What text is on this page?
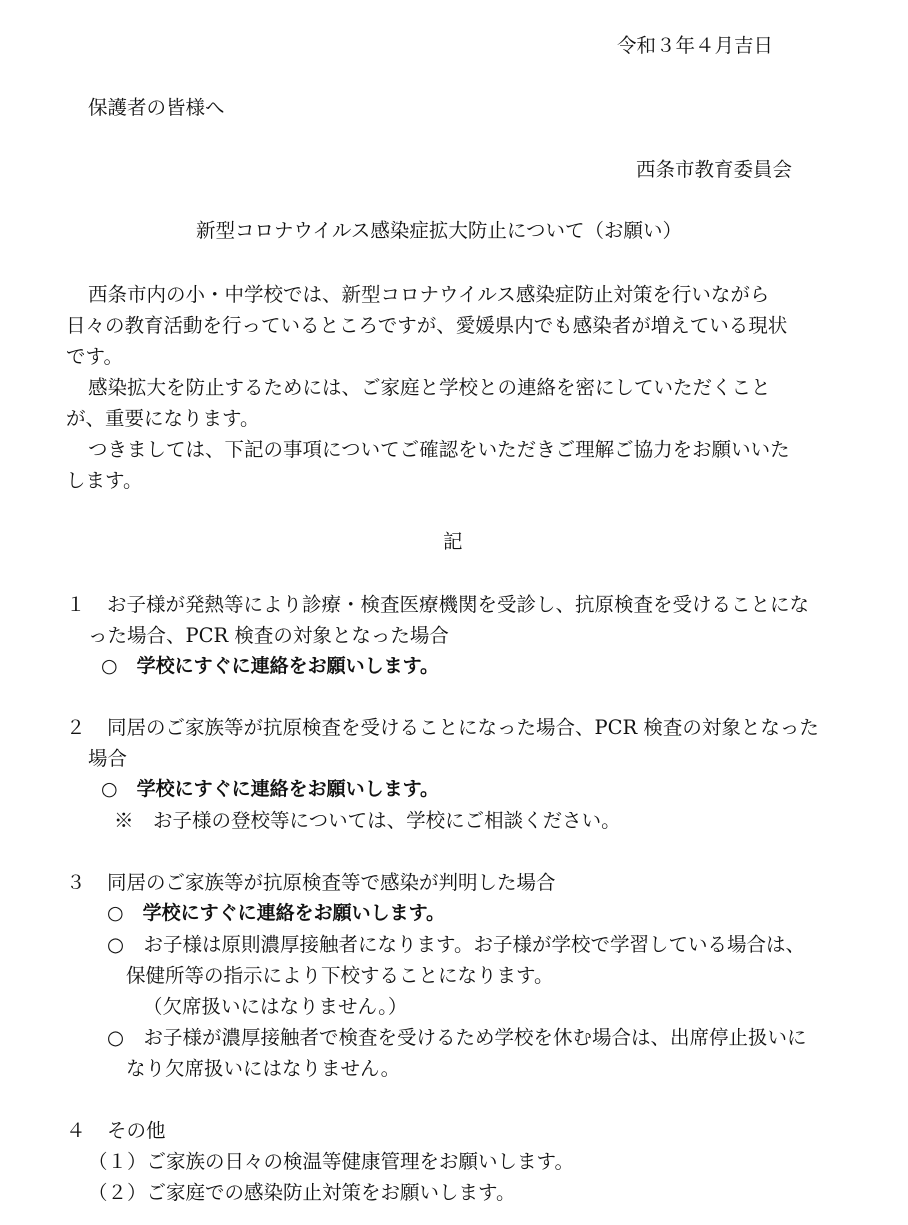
令和３年４月吉日
保護者の皆様へ
西条市教育委員会
新型コロナウイルス感染症拡大防止について（お願い）
西条市内の小・中学校では、新型コロナウイルス感染症防止対策を行いながら
日々の教育活動を行っているところですが、愛媛県内でも感染者が増えている現状
です。
感染拡大を防止するためには、ご家庭と学校との連絡を密にしていただくこと
が、重要になります。
つきましては、下記の事項についてご確認をいただきご理解ご協力をお願いいた
します。
記
１ お子様が発熱等により診療・検査医療機関を受診し、抗原検査を受けることにな
った場合、PCR 検査の対象となった場合
○　学校にすぐに連絡をお願いします。
２ 同居のご家族等が抗原検査を受けることになった場合、PCR 検査の対象となった
場合
○　学校にすぐに連絡をお願いします。
※　お子様の登校等については、学校にご相談ください。
３ 同居のご家族等が抗原検査等で感染が判明した場合
○　学校にすぐに連絡をお願いします。
○　お子様は原則濃厚接触者になります。お子様が学校で学習している場合は、
保健所等の指示により下校することになります。
（欠席扱いにはなりません。）
○　お子様が濃厚接触者で検査を受けるため学校を休む場合は、出席停止扱いに
なり欠席扱いにはなりません。
４ その他
（１）ご家族の日々の検温等健康管理をお願いします。
（２）ご家庭での感染防止対策をお願いします。
